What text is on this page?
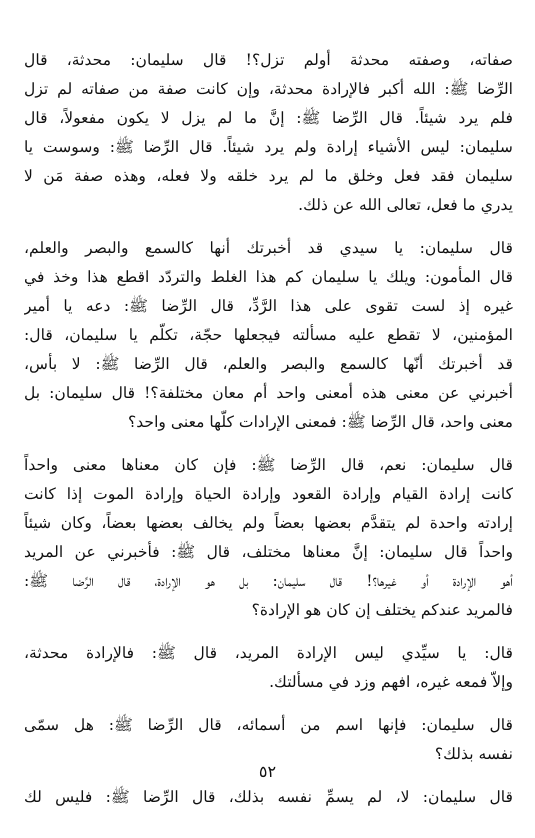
صفاته، وصفته محدثة أولم تزل؟! قال سليمان: محدثة، قال
الرِّضا ﷺ: الله أكبر فالإرادة محدثة، وإن كانت صفة من صفاته لم تزل
فلم يرد شيئاً. قال الرِّضا ﷺ: إنَّ ما لم يزل لا يكون مفعولاً، قال
سليمان: ليس الأشياء إرادة ولم يرد شيئاً. قال الرِّضا ﷺ: وسوست يا
سليمان فقد فعل وخلق ما لم يرد خلقه ولا فعله، وهذه صفة مَن لا
يدري ما فعل، تعالى الله عن ذلك.
قال سليمان: يا سيدي قد أخبرتك أنها كالسمع والبصر والعلم،
قال المأمون: ويلك يا سليمان كم هذا الغلط والتردّد اقطع هذا وخذ في
غيره إذ لست تقوى على هذا الرَّدِّ، قال الرِّضا ﷺ: دعه يا أمير
المؤمنين، لا تقطع عليه مسألته فيجعلها حجّة، تكلّم يا سليمان، قال:
قد أخبرتك أنّها كالسمع والبصر والعلم، قال الرِّضا ﷺ: لا بأس،
أخبرني عن معنى هذه أمعنى واحد أم معان مختلفة؟! قال سليمان: بل
معنى واحد، قال الرِّضا ﷺ: فمعنى الإرادات كلّها معنى واحد؟
قال سليمان: نعم، قال الرِّضا ﷺ: فإن كان معناها معنى واحداً
كانت إرادة القيام وإرادة القعود وإرادة الحياة وإرادة الموت إذا كانت
إرادته واحدة لم يتقدَّم بعضها بعضاً ولم يخالف بعضها بعضاً، وكان شيئاً
واحداً قال سليمان: إنَّ معناها مختلف، قال ﷺ: فأخبرني عن المريد
أهو الإرادة أو غيرها؟! قال سليمان: بل هو الإرادة، قال الرِّضا ﷺ:
فالمريد عندكم يختلف إن كان هو الإرادة؟
قال: يا سيِّدي ليس الإرادة المريد، قال ﷺ: فالإرادة محدثة،
وإلاّ فمعه غيره، افهم وزد في مسألتك.
قال سليمان: فإنها اسم من أسمائه، قال الرِّضا ﷺ: هل سمّى
نفسه بذلك؟
قال سليمان: لا، لم يسمِّ نفسه بذلك، قال الرِّضا ﷺ: فليس لك
٥٢
